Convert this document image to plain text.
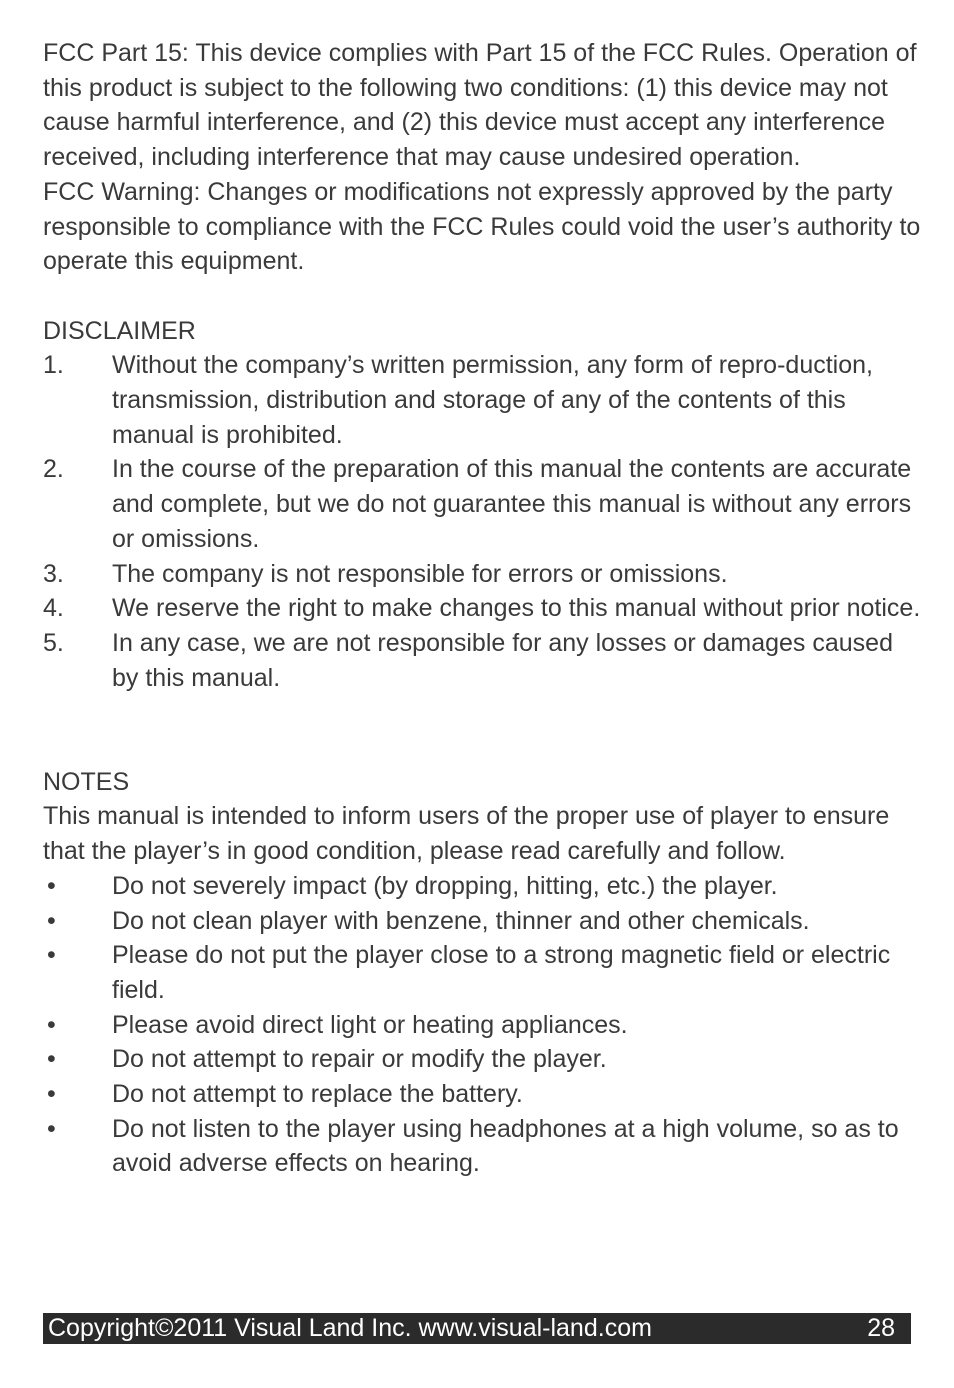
FCC Part 15: This device complies with Part 15 of the FCC Rules. Operation of this product is subject to the following two conditions: (1) this device may not cause harmful interference, and (2) this device must accept any interference received, including interference that may cause undesired operation.

FCC Warning: Changes or modifications not expressly approved by the party responsible to compliance with the FCC Rules could void the user’s authority to operate this equipment.

DISCLAIMER

1. Without the company’s written permission, any form of repro-duction, transmission, distribution and storage of any of the contents of this manual is prohibited.
2. In the course of the preparation of this manual the contents are accurate and complete, but we do not guarantee this manual is without any errors or omissions.
3. The company is not responsible for errors or omissions.
4. We reserve the right to make changes to this manual without prior notice.
5. In any case, we are not responsible for any losses or damages caused by this manual.

NOTES

This manual is intended to inform users of the proper use of player to ensure that the player’s in good condition, please read carefully and follow.

• Do not severely impact (by dropping, hitting, etc.) the player.
• Do not clean player with benzene, thinner and other chemicals.
• Please do not put the player close to a strong magnetic field or electric field.
• Please avoid direct light or heating appliances.
• Do not attempt to repair or modify the player.
• Do not attempt to replace the battery.
• Do not listen to the player using headphones at a high volume, so as to avoid adverse effects on hearing.
Copyright©2011 Visual Land Inc. www.visual-land.com	28
